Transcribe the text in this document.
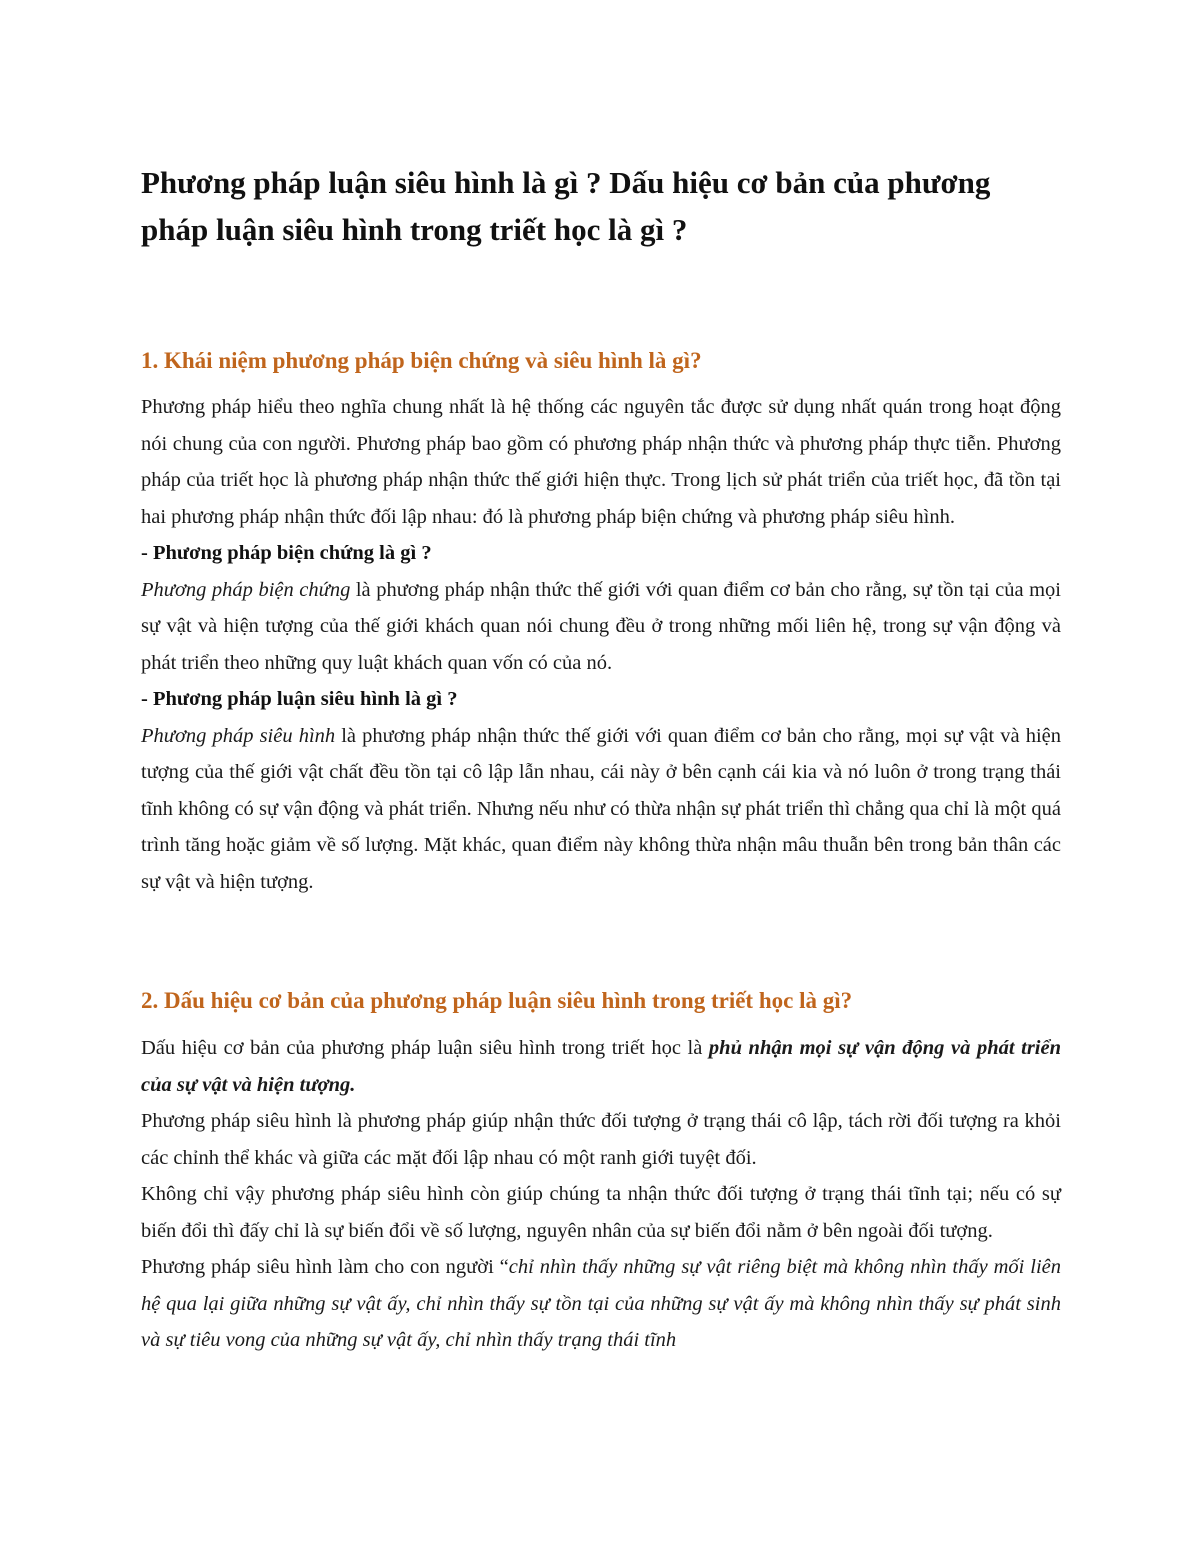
Phương pháp luận siêu hình là gì ? Dấu hiệu cơ bản của phương pháp luận siêu hình trong triết học là gì ?
1. Khái niệm phương pháp biện chứng và siêu hình là gì?

Phương pháp hiểu theo nghĩa chung nhất là hệ thống các nguyên tắc được sử dụng nhất quán trong hoạt động nói chung của con người. Phương pháp bao gồm có phương pháp nhận thức và phương pháp thực tiễn. Phương pháp của triết học là phương pháp nhận thức thế giới hiện thực. Trong lịch sử phát triển của triết học, đã tồn tại hai phương pháp nhận thức đối lập nhau: đó là phương pháp biện chứng và phương pháp siêu hình.

- Phương pháp biện chứng là gì ?

Phương pháp biện chứng là phương pháp nhận thức thế giới với quan điểm cơ bản cho rằng, sự tồn tại của mọi sự vật và hiện tượng của thế giới khách quan nói chung đều ở trong những mối liên hệ, trong sự vận động và phát triển theo những quy luật khách quan vốn có của nó.

- Phương pháp luận siêu hình là gì ?

Phương pháp siêu hình là phương pháp nhận thức thế giới với quan điểm cơ bản cho rằng, mọi sự vật và hiện tượng của thế giới vật chất đều tồn tại cô lập lẫn nhau, cái này ở bên cạnh cái kia và nó luôn ở trong trạng thái tĩnh không có sự vận động và phát triển. Nhưng nếu như có thừa nhận sự phát triển thì chẳng qua chỉ là một quá trình tăng hoặc giảm về số lượng. Mặt khác, quan điểm này không thừa nhận mâu thuẫn bên trong bản thân các sự vật và hiện tượng.

2. Dấu hiệu cơ bản của phương pháp luận siêu hình trong triết học là gì?

Dấu hiệu cơ bản của phương pháp luận siêu hình trong triết học là phủ nhận mọi sự vận động và phát triển của sự vật và hiện tượng.

Phương pháp siêu hình là phương pháp giúp nhận thức đối tượng ở trạng thái cô lập, tách rời đối tượng ra khỏi các chỉnh thể khác và giữa các mặt đối lập nhau có một ranh giới tuyệt đối.

Không chỉ vậy phương pháp siêu hình còn giúp chúng ta nhận thức đối tượng ở trạng thái tĩnh tại; nếu có sự biến đổi thì đấy chỉ là sự biến đổi về số lượng, nguyên nhân của sự biến đổi nằm ở bên ngoài đối tượng.

Phương pháp siêu hình làm cho con người “chỉ nhìn thấy những sự vật riêng biệt mà không nhìn thấy mối liên hệ qua lại giữa những sự vật ấy, chỉ nhìn thấy sự tồn tại của những sự vật ấy mà không nhìn thấy sự phát sinh và sự tiêu vong của những sự vật ấy, chỉ nhìn thấy trạng thái tĩnh
